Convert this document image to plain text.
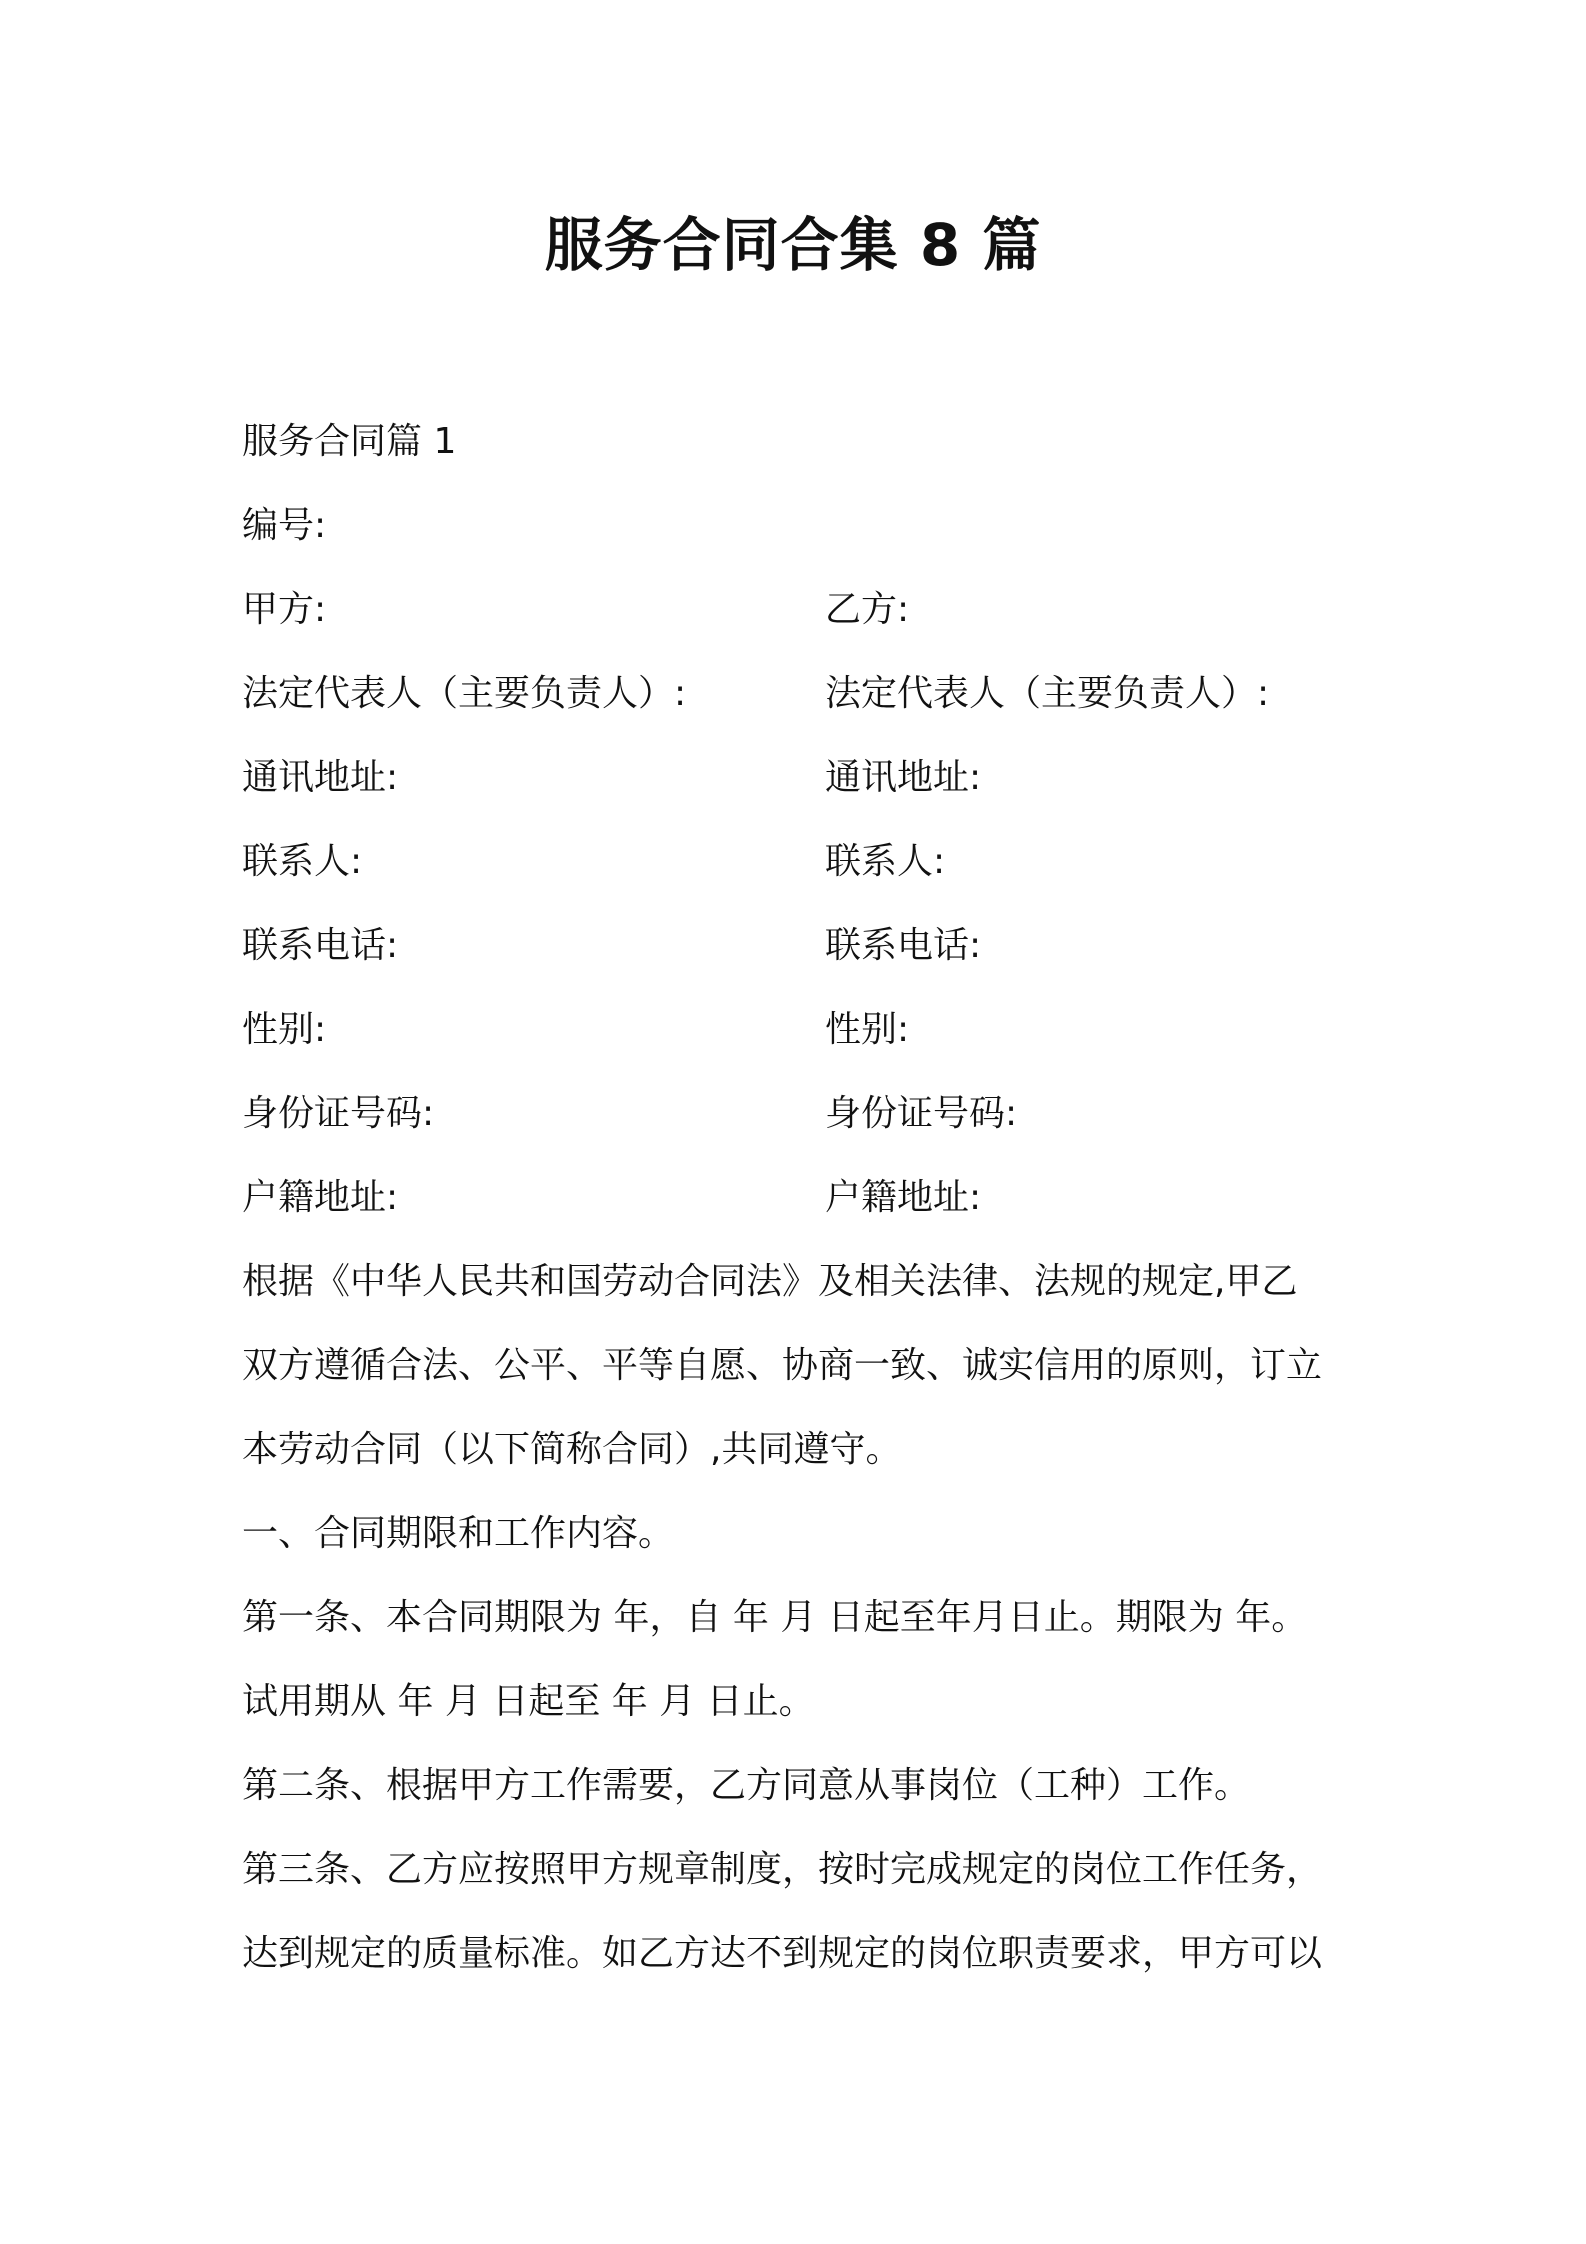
服务合同合集 8 篇
服务合同篇 1
编号:
甲方:	乙方:
法定代表人（主要负责人）:	法定代表人（主要负责人）:
通讯地址:	通讯地址:
联系人:	联系人:
联系电话:	联系电话:
性别:	性别:
身份证号码:	身份证号码:
户籍地址:	户籍地址:
根据《中华人民共和国劳动合同法》及相关法律、法规的规定,甲乙
双方遵循合法、公平、平等自愿、协商一致、诚实信用的原则，订立
本劳动合同（以下简称合同）,共同遵守。
一、合同期限和工作内容。
第一条、本合同期限为 年，自 年 月 日起至年月日止。期限为 年。
试用期从 年 月 日起至 年 月 日止。
第二条、根据甲方工作需要，乙方同意从事岗位（工种）工作。
第三条、乙方应按照甲方规章制度，按时完成规定的岗位工作任务，
达到规定的质量标准。如乙方达不到规定的岗位职责要求，甲方可以
